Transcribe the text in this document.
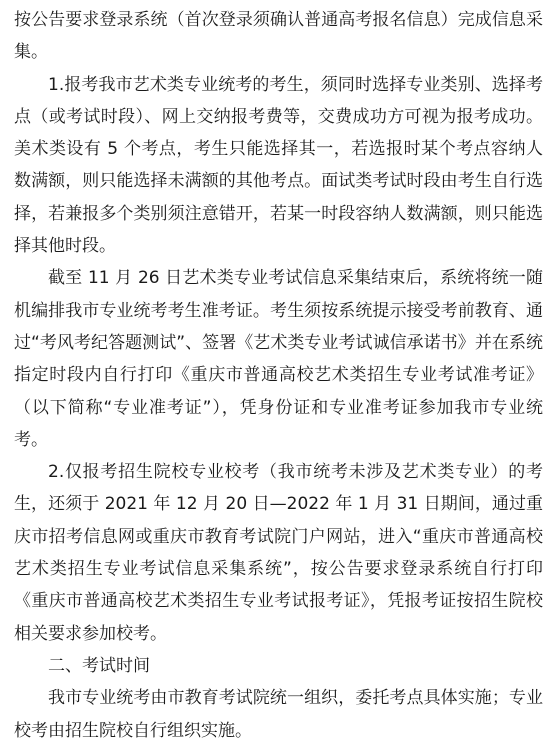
按公告要求登录系统（首次登录须确认普通高考报名信息）完成信息采集。

1.报考我市艺术类专业统考的考生，须同时选择专业类别、选择考点（或考试时段）、网上交纳报考费等，交费成功方可视为报考成功。美术类设有 5 个考点，考生只能选择其一，若选报时某个考点容纳人数满额，则只能选择未满额的其他考点。面试类考试时段由考生自行选择，若兼报多个类别须注意错开，若某一时段容纳人数满额，则只能选择其他时段。

截至 11 月 26 日艺术类专业考试信息采集结束后，系统将统一随机编排我市专业统考考生准考证。考生须按系统提示接受考前教育、通过“考风考纪答题测试”、签署《艺术类专业考试诚信承诺书》并在系统指定时段内自行打印《重庆市普通高校艺术类招生专业考试准考证》（以下简称“专业准考证”），凭身份证和专业准考证参加我市专业统考。

2.仅报考招生院校专业校考（我市统考未涉及艺术类专业）的考生，还须于 2021 年 12 月 20 日—2022 年 1 月 31 日期间，通过重庆市招考信息网或重庆市教育考试院门户网站，进入“重庆市普通高校艺术类招生专业考试信息采集系统”，按公告要求登录系统自行打印《重庆市普通高校艺术类招生专业考试报考证》，凭报考证按招生院校相关要求参加校考。

二、考试时间

我市专业统考由市教育考试院统一组织，委托考点具体实施；专业校考由招生院校自行组织实施。
